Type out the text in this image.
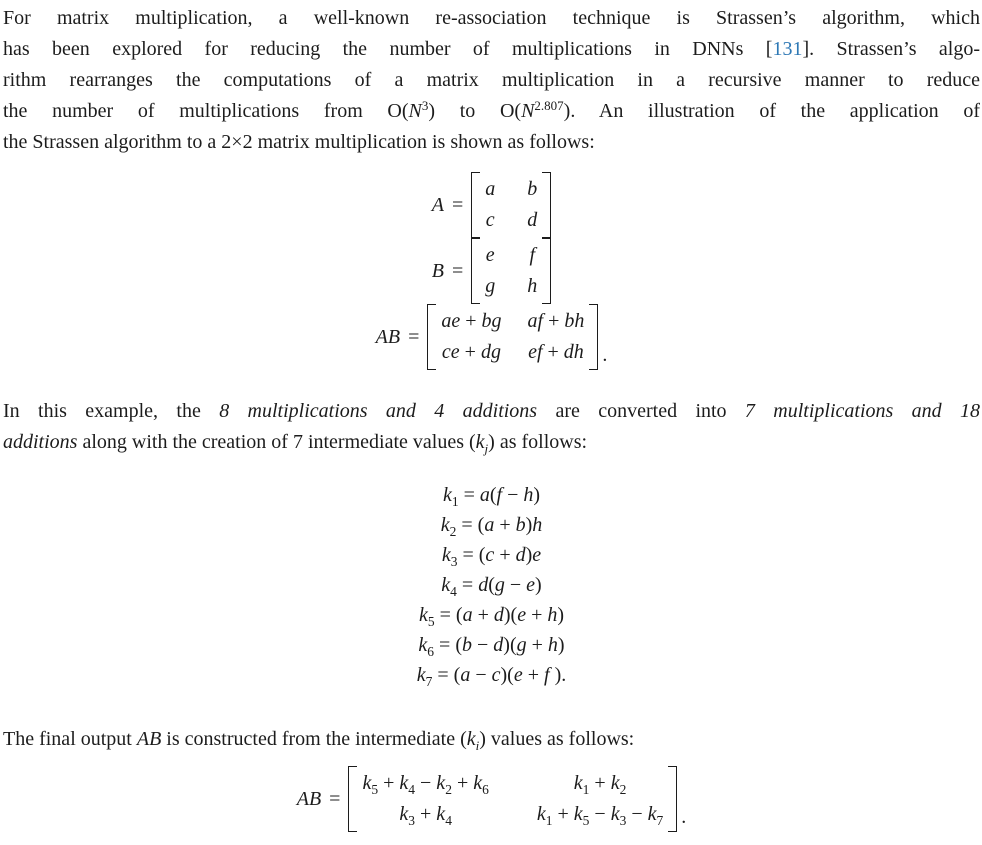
For matrix multiplication, a well-known re-association technique is Strassen’s algorithm, which
has been explored for reducing the number of multiplications in DNNs [131]. Strassen’s algo-
rithm rearranges the computations of a matrix multiplication in a recursive manner to reduce
the number of multiplications from $O(N^3)$ to $O(N^{2.807})$. An illustration of the application of
the Strassen algorithm to a 2×2 matrix multiplication is shown as follows:
A =
a b
c d
B =
e f
g h
AB =
ae + bg af + bh
ce + dg ef + dh .
In this example, the 8 multiplications and 4 additions are converted into 7 multiplications and 18
additions along with the creation of 7 intermediate values $(k_j)$ as follows:
$k_1 = a(f - h)$
$k_2 = (a + b)h$
$k_3 = (c + d)e$
$k_4 = d(g - e)$
$k_5 = (a + d)(e + h)$
$k_6 = (b - d)(g + h)$
$k_7 = (a - c)(e + f$ ).
The final output AB is constructed from the intermediate $(k_i)$ values as follows:
AB =
$k_5 + k_4 - k_2 + k_6$	$k_1 + k_2$
$k_3 + k_4$	$k_1 + k_5 - k_3 - k_7$ .
